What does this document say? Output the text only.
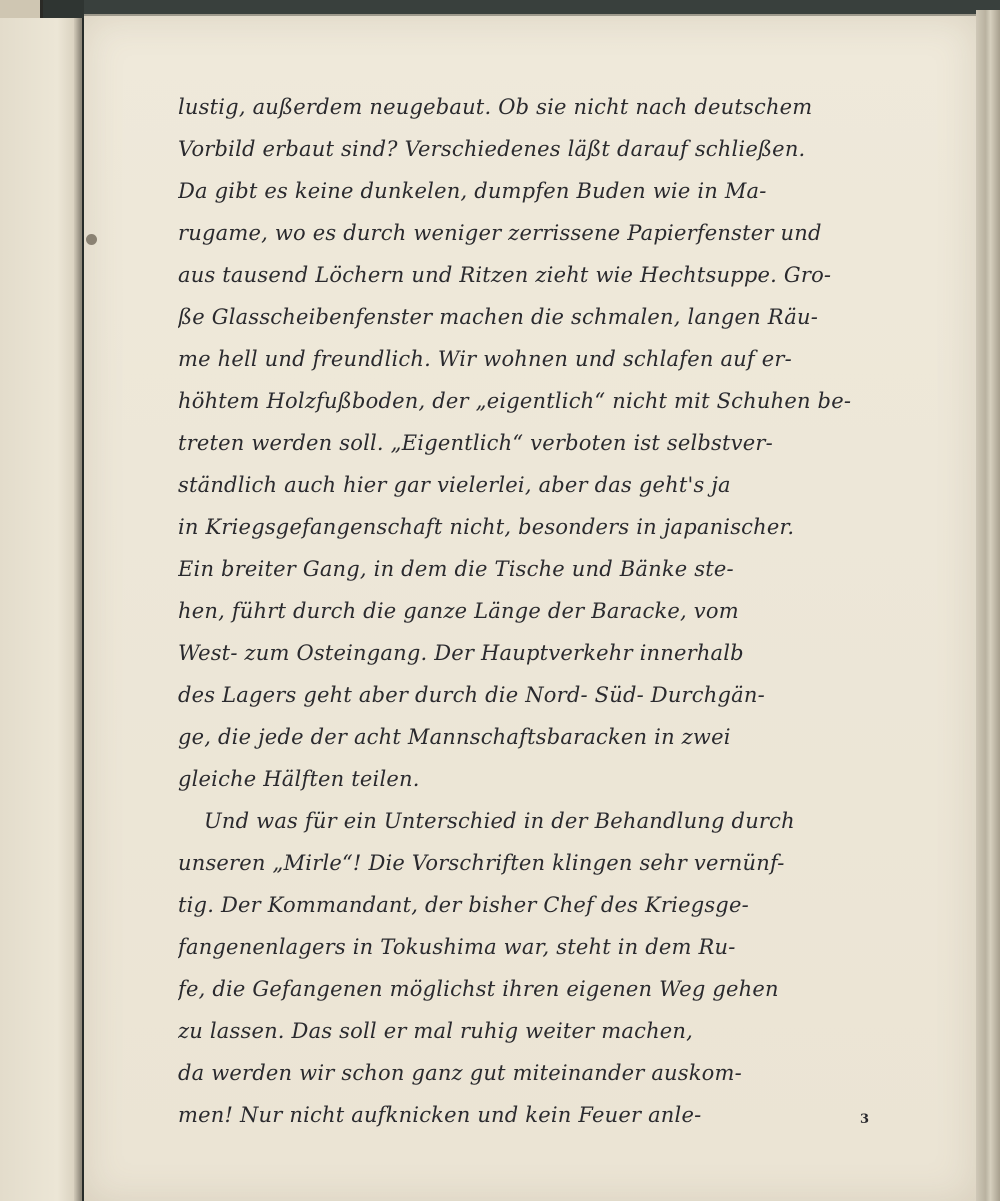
lustig, außerdem neugebaut. Ob sie nicht nach deutschem

Vorbild erbaut sind? Verschiedenes läßt darauf schließen.

Da gibt es keine dunkelen, dumpfen Buden wie in Ma-

rugame, wo es durch weniger zerrissene Papierfenster und

aus tausend Löchern und Ritzen zieht wie Hechtsuppe. Gro-

ße Glasscheibenfenster machen die schmalen, langen Räu-

me hell und freundlich. Wir wohnen und schlafen auf er-

höhtem Holzfußboden, der „eigentlich“ nicht mit Schuhen be-

treten werden soll. „Eigentlich“ verboten ist selbstver-

ständlich auch hier gar vielerlei, aber das geht's ja

in Kriegsgefangenschaft nicht, besonders in japanischer.

Ein breiter Gang, in dem die Tische und Bänke ste-

hen, führt durch die ganze Länge der Baracke, vom

West- zum Osteingang. Der Hauptverkehr innerhalb

des Lagers geht aber durch die Nord- Süd- Durchgän-

ge, die jede der acht Mannschaftsbaracken in zwei

gleiche Hälften teilen.

Und was für ein Unterschied in der Behandlung durch

unseren „Mirle“! Die Vorschriften klingen sehr vernünf-

tig. Der Kommandant, der bisher Chef des Kriegsge-

fangenenlagers in Tokushima war, steht in dem Ru-

fe, die Gefangenen möglichst ihren eigenen Weg gehen

zu lassen. Das soll er mal ruhig weiter machen,

da werden wir schon ganz gut miteinander auskom-

men! Nur nicht aufknicken und kein Feuer anle-	3
